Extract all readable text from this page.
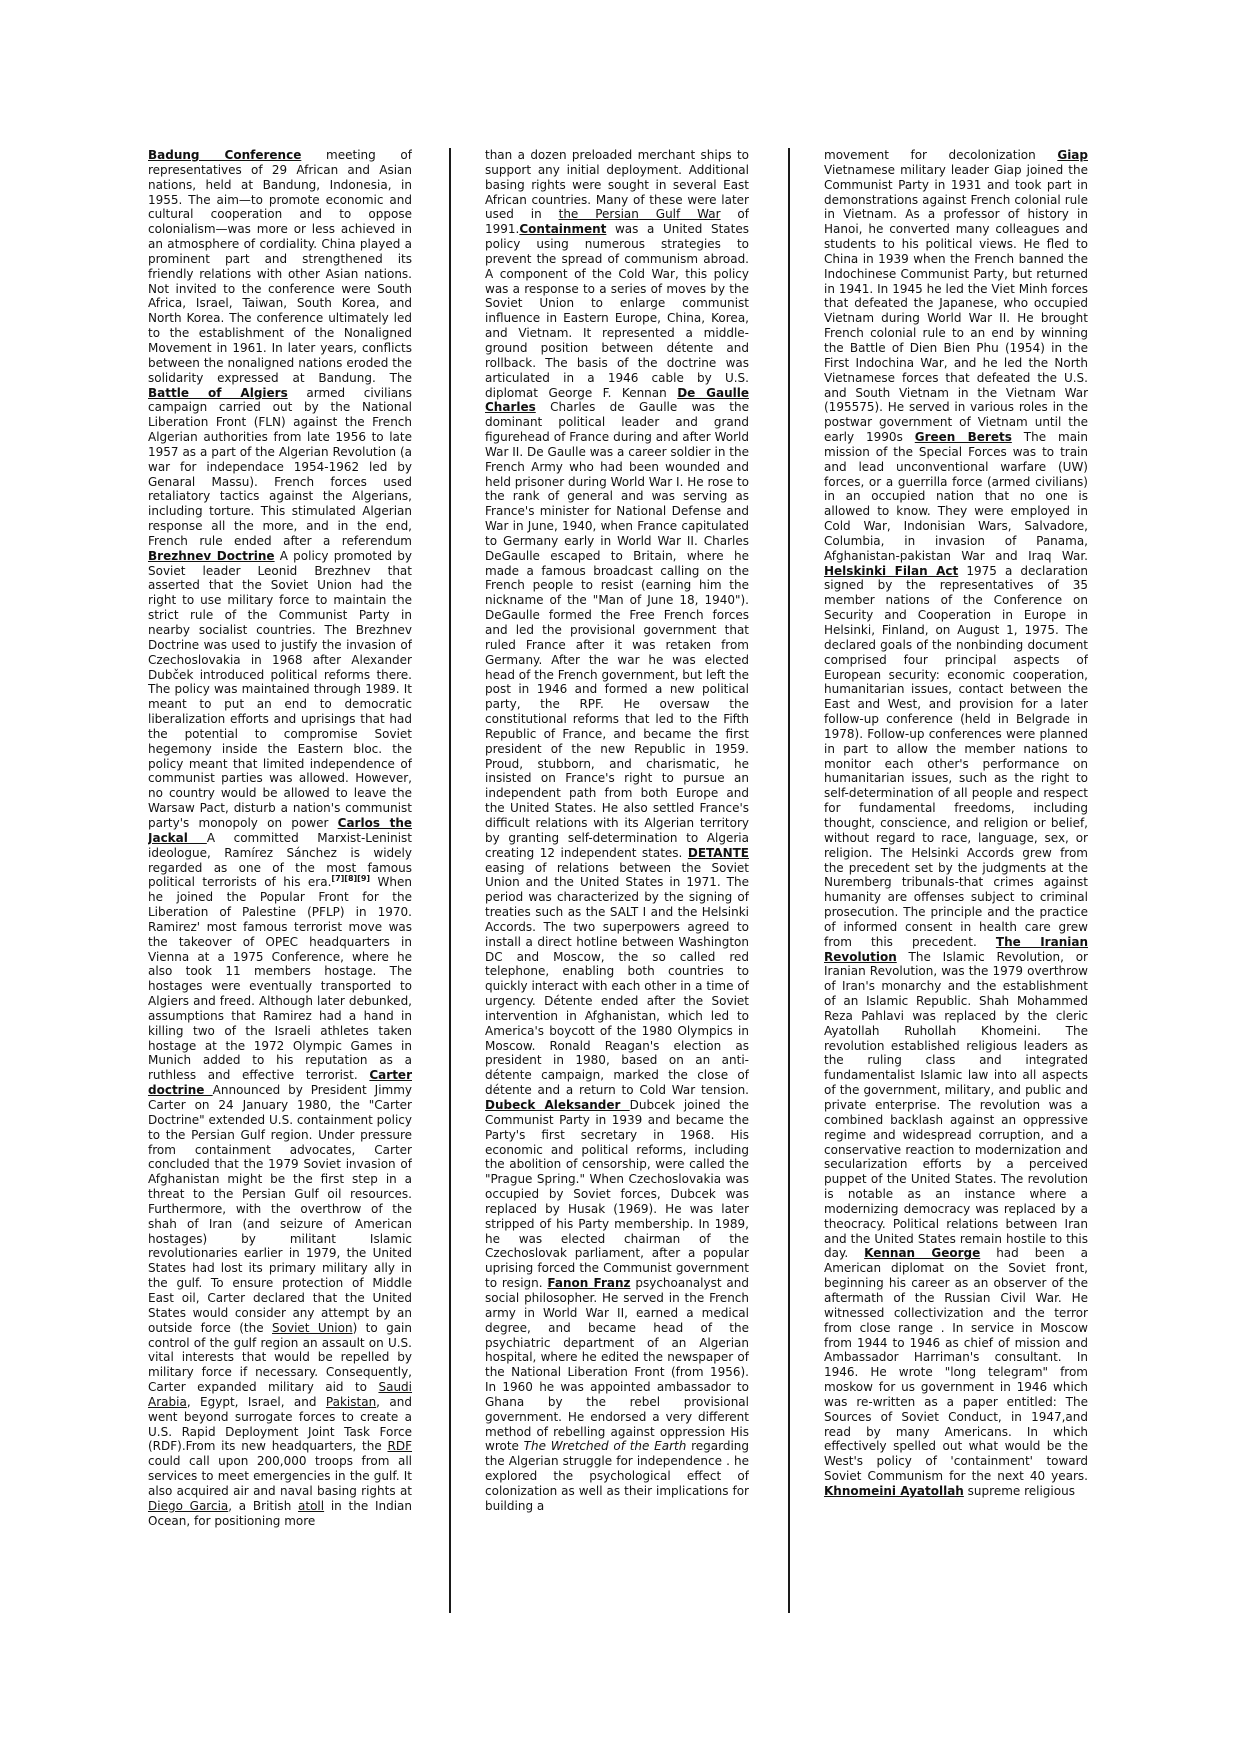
Badung Conference meeting of representatives of 29 African and Asian nations, held at Bandung, Indonesia, in 1955. The aim—to promote economic and cultural cooperation and to oppose colonialism—was more or less achieved in an atmosphere of cordiality. China played a prominent part and strengthened its friendly relations with other Asian nations. Not invited to the conference were South Africa, Israel, Taiwan, South Korea, and North Korea. The conference ultimately led to the establishment of the Nonaligned Movement in 1961. In later years, conflicts between the nonaligned nations eroded the solidarity expressed at Bandung. The Battle of Algiers armed civilians campaign carried out by the National Liberation Front (FLN) against the French Algerian authorities from late 1956 to late 1957 as a part of the Algerian Revolution (a war for independace 1954-1962 led by Genaral Massu). French forces used retaliatory tactics against the Algerians, including torture. This stimulated Algerian response all the more, and in the end, French rule ended after a referendum Brezhnev Doctrine A policy promoted by Soviet leader Leonid Brezhnev that asserted that the Soviet Union had the right to use military force to maintain the strict rule of the Communist Party in nearby socialist countries. The Brezhnev Doctrine was used to justify the invasion of Czechoslovakia in 1968 after Alexander Dubček introduced political reforms there. The policy was maintained through 1989. It meant to put an end to democratic liberalization efforts and uprisings that had the potential to compromise Soviet hegemony inside the Eastern bloc. the policy meant that limited independence of communist parties was allowed. However, no country would be allowed to leave the Warsaw Pact, disturb a nation's communist party's monopoly on power Carlos the Jackal A committed Marxist-Leninist ideologue, Ramírez Sánchez is widely regarded as one of the most famous political terrorists of his era.[7][8][9] When he joined the Popular Front for the Liberation of Palestine (PFLP) in 1970. Ramirez' most famous terrorist move was the takeover of OPEC headquarters in Vienna at a 1975 Conference, where he also took 11 members hostage. The hostages were eventually transported to Algiers and freed. Although later debunked, assumptions that Ramirez had a hand in killing two of the Israeli athletes taken hostage at the 1972 Olympic Games in Munich added to his reputation as a ruthless and effective terrorist. Carter doctrine Announced by President Jimmy Carter on 24 January 1980, the "Carter Doctrine" extended U.S. containment policy to the Persian Gulf region. Under pressure from containment advocates, Carter concluded that the 1979 Soviet invasion of Afghanistan might be the first step in a threat to the Persian Gulf oil resources. Furthermore, with the overthrow of the shah of Iran (and seizure of American hostages) by militant Islamic revolutionaries earlier in 1979, the United States had lost its primary military ally in the gulf. To ensure protection of Middle East oil, Carter declared that the United States would consider any attempt by an outside force (the Soviet Union) to gain control of the gulf region an assault on U.S. vital interests that would be repelled by military force if necessary. Consequently, Carter expanded military aid to Saudi Arabia, Egypt, Israel, and Pakistan, and went beyond surrogate forces to create a U.S. Rapid Deployment Joint Task Force (RDF).From its new headquarters, the RDF could call upon 200,000 troops from all services to meet emergencies in the gulf. It also acquired air and naval basing rights at Diego Garcia, a British atoll in the Indian Ocean, for positioning more

than a dozen preloaded merchant ships to support any initial deployment. Additional basing rights were sought in several East African countries. Many of these were later used in the Persian Gulf War of 1991.Containment was a United States policy using numerous strategies to prevent the spread of communism abroad. A component of the Cold War, this policy was a response to a series of moves by the Soviet Union to enlarge communist influence in Eastern Europe, China, Korea, and Vietnam. It represented a middle-ground position between détente and rollback. The basis of the doctrine was articulated in a 1946 cable by U.S. diplomat George F. Kennan De Gaulle Charles Charles de Gaulle was the dominant political leader and grand figurehead of France during and after World War II. De Gaulle was a career soldier in the French Army who had been wounded and held prisoner during World War I. He rose to the rank of general and was serving as France's minister for National Defense and War in June, 1940, when France capitulated to Germany early in World War II. Charles DeGaulle escaped to Britain, where he made a famous broadcast calling on the French people to resist (earning him the nickname of the "Man of June 18, 1940"). DeGaulle formed the Free French forces and led the provisional government that ruled France after it was retaken from Germany. After the war he was elected head of the French government, but left the post in 1946 and formed a new political party, the RPF. He oversaw the constitutional reforms that led to the Fifth Republic of France, and became the first president of the new Republic in 1959. Proud, stubborn, and charismatic, he insisted on France's right to pursue an independent path from both Europe and the United States. He also settled France's difficult relations with its Algerian territory by granting self-determination to Algeria creating 12 independent states. DETANTE easing of relations between the Soviet Union and the United States in 1971. The period was characterized by the signing of treaties such as the SALT I and the Helsinki Accords. The two superpowers agreed to install a direct hotline between Washington DC and Moscow, the so called red telephone, enabling both countries to quickly interact with each other in a time of urgency. Détente ended after the Soviet intervention in Afghanistan, which led to America's boycott of the 1980 Olympics in Moscow. Ronald Reagan's election as president in 1980, based on an anti-détente campaign, marked the close of détente and a return to Cold War tension. Dubeck Aleksander Dubcek joined the Communist Party in 1939 and became the Party's first secretary in 1968. His economic and political reforms, including the abolition of censorship, were called the "Prague Spring." When Czechoslovakia was occupied by Soviet forces, Dubcek was replaced by Husak (1969). He was later stripped of his Party membership. In 1989, he was elected chairman of the Czechoslovak parliament, after a popular uprising forced the Communist government to resign. Fanon Franz psychoanalyst and social philosopher. He served in the French army in World War II, earned a medical degree, and became head of the psychiatric department of an Algerian hospital, where he edited the newspaper of the National Liberation Front (from 1956). In 1960 he was appointed ambassador to Ghana by the rebel provisional government. He endorsed a very different method of rebelling against oppression His wrote The Wretched of the Earth regarding the Algerian struggle for independence . he explored the psychological effect of colonization as well as their implications for building a

movement for decolonization Giap Vietnamese military leader Giap joined the Communist Party in 1931 and took part in demonstrations against French colonial rule in Vietnam. As a professor of history in Hanoi, he converted many colleagues and students to his political views. He fled to China in 1939 when the French banned the Indochinese Communist Party, but returned in 1941. In 1945 he led the Viet Minh forces that defeated the Japanese, who occupied Vietnam during World War II. He brought French colonial rule to an end by winning the Battle of Dien Bien Phu (1954) in the First Indochina War, and he led the North Vietnamese forces that defeated the U.S. and South Vietnam in the Vietnam War (195575). He served in various roles in the postwar government of Vietnam until the early 1990s Green Berets The main mission of the Special Forces was to train and lead unconventional warfare (UW) forces, or a guerrilla force (armed civilians) in an occupied nation that no one is allowed to know. They were employed in Cold War, Indonisian Wars, Salvadore, Columbia, in invasion of Panama, Afghanistan-pakistan War and Iraq War. Helskinki Filan Act 1975 a declaration signed by the representatives of 35 member nations of the Conference on Security and Cooperation in Europe in Helsinki, Finland, on August 1, 1975. The declared goals of the nonbinding document comprised four principal aspects of European security: economic cooperation, humanitarian issues, contact between the East and West, and provision for a later follow-up conference (held in Belgrade in 1978). Follow-up conferences were planned in part to allow the member nations to monitor each other's performance on humanitarian issues, such as the right to self-determination of all people and respect for fundamental freedoms, including thought, conscience, and religion or belief, without regard to race, language, sex, or religion. The Helsinki Accords grew from the precedent set by the judgments at the Nuremberg tribunals-that crimes against humanity are offenses subject to criminal prosecution. The principle and the practice of informed consent in health care grew from this precedent. The Iranian Revolution The Islamic Revolution, or Iranian Revolution, was the 1979 overthrow of Iran's monarchy and the establishment of an Islamic Republic. Shah Mohammed Reza Pahlavi was replaced by the cleric Ayatollah Ruhollah Khomeini. The revolution established religious leaders as the ruling class and integrated fundamentalist Islamic law into all aspects of the government, military, and public and private enterprise. The revolution was a combined backlash against an oppressive regime and widespread corruption, and a conservative reaction to modernization and secularization efforts by a perceived puppet of the United States. The revolution is notable as an instance where a modernizing democracy was replaced by a theocracy. Political relations between Iran and the United States remain hostile to this day. Kennan George had been a American diplomat on the Soviet front, beginning his career as an observer of the aftermath of the Russian Civil War. He witnessed collectivization and the terror from close range . In service in Moscow from 1944 to 1946 as chief of mission and Ambassador Harriman's consultant. In 1946. He wrote "long telegram" from moskow for us government in 1946 which was re-written as a paper entitled: The Sources of Soviet Conduct, in 1947,and read by many Americans. In which effectively spelled out what would be the West's policy of 'containment' toward Soviet Communism for the next 40 years. Khnomeini Ayatollah supreme religious
